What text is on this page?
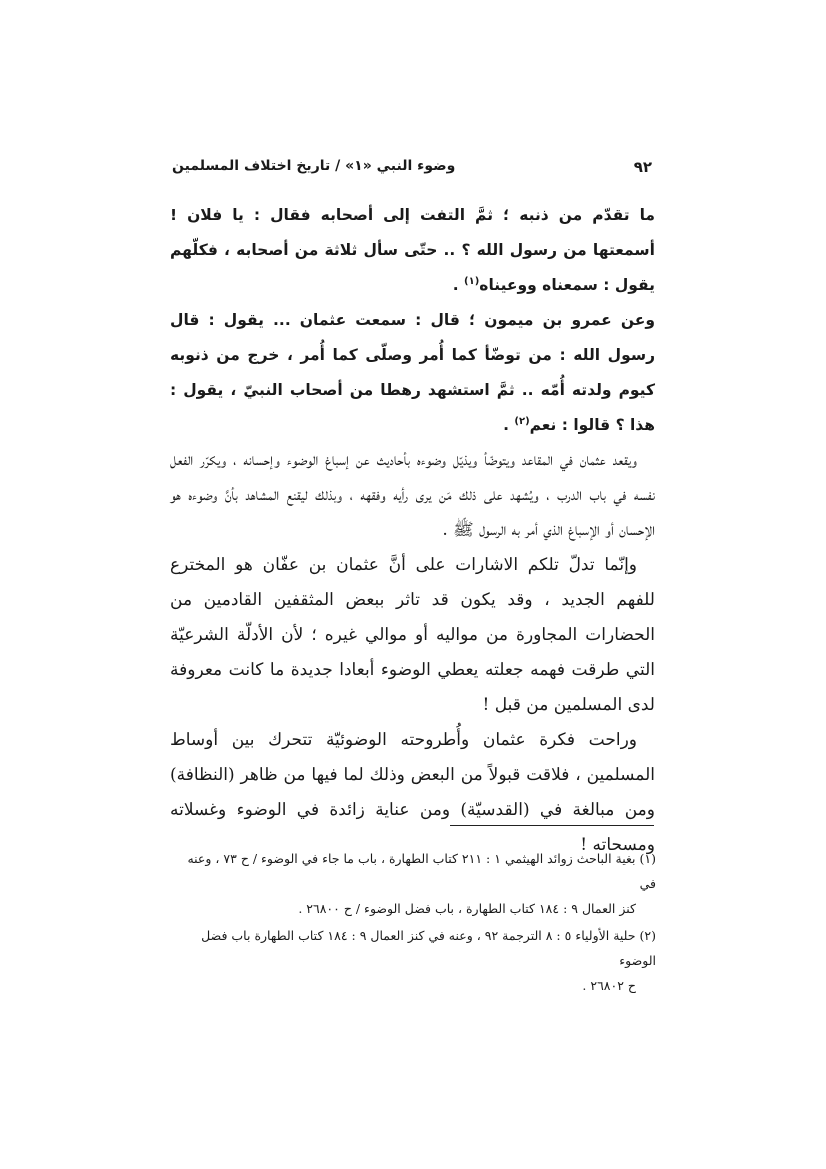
٩٢
وضوء النبي «١» / تاريخ اختلاف المسلمين

ما تقدّم من ذنبه ؛ ثمَّ التفت إلى أصحابه فقال : يا فلان ! أسمعتها من رسول الله ؟ .. حتّى سأل ثلاثة من أصحابه ، فكلّهم يقول : سمعناه ووعيناه$^{(١)}$ .

وعن عمرو بن ميمون ؛ قال : سمعت عثمان ... يقول : قال رسول الله : من توضّأ كما أُمر وصلّى كما أُمر ، خرج من ذنوبه كيوم ولدته أُمّه .. ثمَّ استشهد رهطا من أصحاب النبيّ ، يقول : هذا ؟ قالوا : نعم$^{(٢)}$ .

ويقعد عثمان في المقاعد ويتوضّأ ويذيّل وضوءه بأحاديث عن إسباغ الوضوء وإحسانه ، ويكرّر الفعل نفسه في باب الدرب ، ويُشهد على ذلك مَن يرى رأيه وفقهه ، وبذلك ليقنع المشاهد بأنَّ وضوءه هو الإحسان أو الإسباغ الذي أمر به الرسول ﷺ .

وإنّما تدلّ تلكم الاشارات على أنَّ عثمان بن عفّان هو المخترع للفهم الجديد ، وقد يكون قد تاثر ببعض المثقفين القادمين من الحضارات المجاورة من مواليه أو موالي غيره ؛ لأن الأدلّة الشرعيّة التي طرقت فهمه جعلته يعطي الوضوء أبعادا جديدة ما كانت معروفة لدى المسلمين من قبل !

وراحت فكرة عثمان وأُطروحته الوضوئيّة تتحرك بين أوساط المسلمين ، فلاقت قبولاً من البعض وذلك لما فيها من ظاهر (النظافة) ومن مبالغة في (القدسيّة) ومن عناية زائدة في الوضوء وغسلاته ومسحاته !

(١) بغية الباحث زوائد الهيثمي ١ : ٢١١ كتاب الطهارة ، باب ما جاء في الوضوء / ح ٧٣ ، وعنه في
كنز العمال ٩ : ١٨٤ كتاب الطهارة ، باب فضل الوضوء / ح ٢٦٨٠٠ .

(٢) حلية الأولياء ٥ : ٨ الترجمة ٩٢ ، وعنه في كنز العمال ٩ : ١٨٤ كتاب الطهارة باب فضل الوضوء
ح ٢٦٨٠٢ .
